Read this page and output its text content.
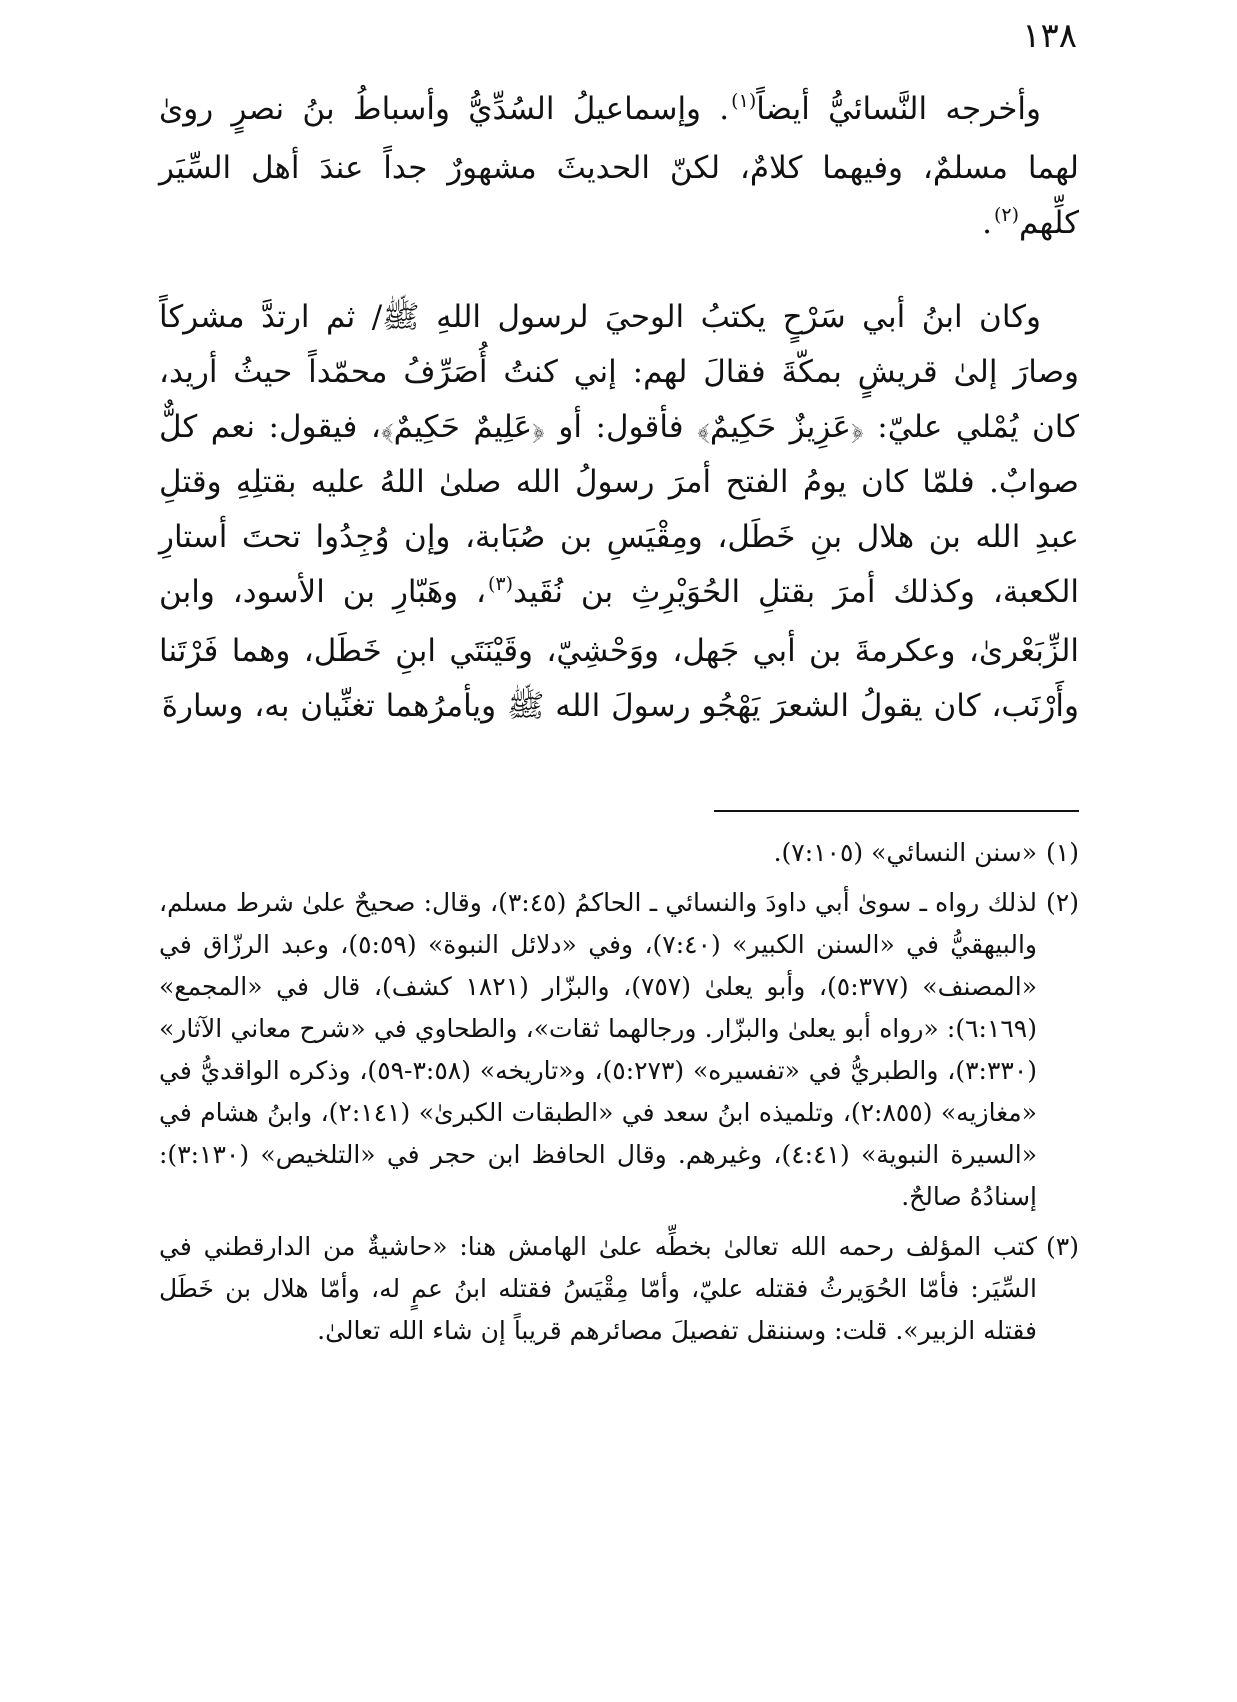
١٣٨

وأخرجه النَّسائيُّ أيضاً$^{(١)}$. وإسماعيلُ السُدِّيُّ وأسباطُ بنُ نصرٍ روىٰ لهما مسلمٌ، وفيهما كلامٌ، لكنّ الحديثَ مشهورٌ جداً عندَ أهل السِّيَر كلِّهم$^{(٢)}$.

وكان ابنُ أبي سَرْحٍ يكتبُ الوحيَ لرسول اللهِ ﷺ/ ثم ارتدَّ مشركاً وصارَ إلىٰ قريشٍ بمكّةَ فقالَ لهم: إني كنتُ أُصَرِّفُ محمّداً حيثُ أريد، كان يُمْلي عليّ: ﴿عَزِيزٌ حَكِيمٌ﴾ فأقول: أو ﴿عَلِيمٌ حَكِيمٌ﴾، فيقول: نعم كلٌّ صوابٌ. فلمّا كان يومُ الفتح أمرَ رسولُ الله صلىٰ اللهُ عليه بقتلِهِ وقتلِ عبدِ الله بن هلال بنِ خَطَل، ومِقْيَسِ بن صُبَابة، وإن وُجِدُوا تحتَ أستارِ الكعبة، وكذلك أمرَ بقتلِ الحُوَيْرِثِ بن نُقَيد$^{(٣)}$، وهَبّارِ بن الأسود، وابن الزِّبَعْرىٰ، وعكرمةَ بن أبي جَهل، ووَحْشِيّ، وقَيْنَتَي ابنِ خَطَل، وهما فَرْتَنا وأَرْنَب، كان يقولُ الشعرَ يَهْجُو رسولَ الله ﷺ ويأمرُهما تغنِّيان به، وسارةَ

(١)«سنن النسائي» (٧:١٠٥).

(٢)لذلك رواه ـ سوىٰ أبي داودَ والنسائي ـ الحاكمُ (٣:٤٥)، وقال: صحيحٌ علىٰ شرط مسلم، والبيهقيُّ في «السنن الكبير» (٧:٤٠)، وفي «دلائل النبوة» (٥:٥٩)، وعبد الرزّاق في «المصنف» (٥:٣٧٧)، وأبو يعلىٰ (٧٥٧)، والبزّار (١٨٢١ كشف)، قال في «المجمع» (٦:١٦٩): «رواه أبو يعلىٰ والبزّار. ورجالهما ثقات»، والطحاوي في «شرح معاني الآثار» (٣:٣٣٠)، والطبريُّ في «تفسيره» (٥:٢٧٣)، و«تاريخه» (٣:٥٨-٥٩)، وذكره الواقديُّ في «مغازيه» (٢:٨٥٥)، وتلميذه ابنُ سعد في «الطبقات الكبرىٰ» (٢:١٤١)، وابنُ هشام في «السيرة النبوية» (٤:٤١)، وغيرهم. وقال الحافظ ابن حجر في «التلخيص» (٣:١٣٠): إسنادُهُ صالحٌ.

(٣)كتب المؤلف رحمه الله تعالىٰ بخطِّه علىٰ الهامش هنا: «حاشيةٌ من الدارقطني في السِّيَر: فأمّا الحُوَيرثُ فقتله عليّ، وأمّا مِقْيَسُ فقتله ابنُ عمٍ له، وأمّا هلال بن خَطَل فقتله الزبير». قلت: وسننقل تفصيلَ مصائرهم قريباً إن شاء الله تعالىٰ.
